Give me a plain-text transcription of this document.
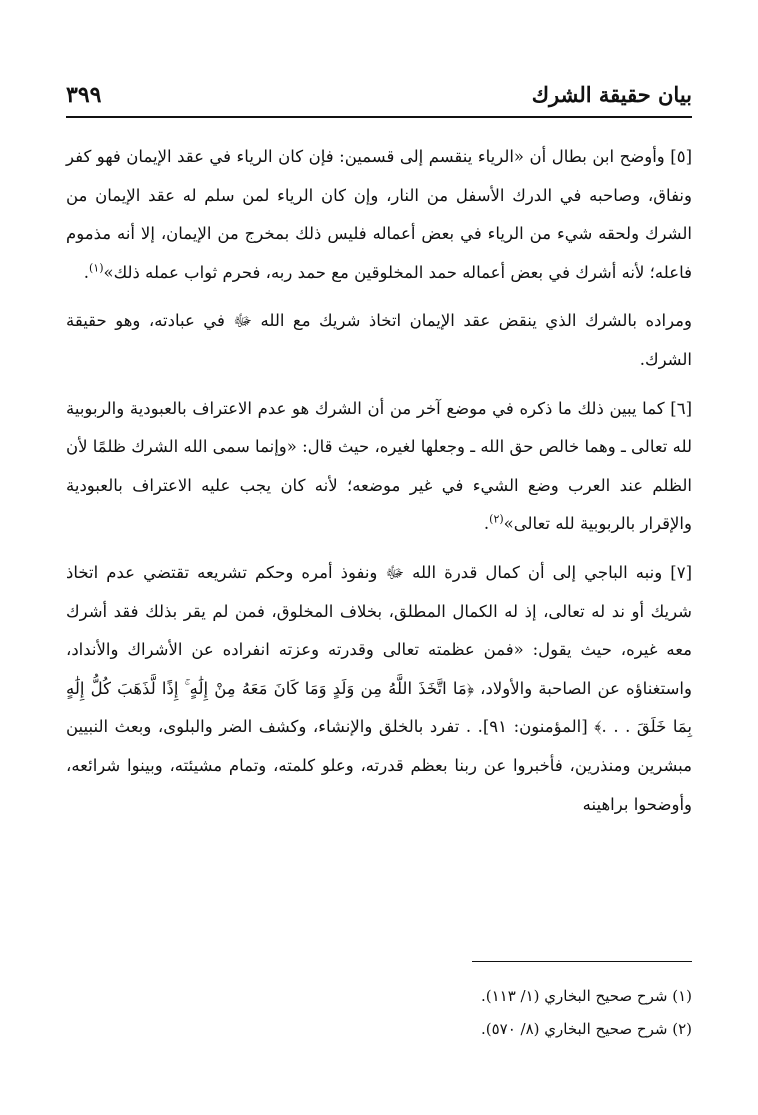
بيان حقيقة الشرك
٣٩٩

[٥] وأوضح ابن بطال أن «الرياء ينقسم إلى قسمين: فإن كان الرياء في عقد الإيمان فهو كفر ونفاق، وصاحبه في الدرك الأسفل من النار، وإن كان الرياء لمن سلم له عقد الإيمان من الشرك ولحقه شيء من الرياء في بعض أعماله فليس ذلك بمخرج من الإيمان، إلا أنه مذموم فاعله؛ لأنه أشرك في بعض أعماله حمد المخلوقين مع حمد ربه، فحرم ثواب عمله ذلك»$^{(١)}$.

ومراده بالشرك الذي ينقض عقد الإيمان اتخاذ شريك مع الله ﷻ في عبادته، وهو حقيقة الشرك.

[٦] كما يبين ذلك ما ذكره في موضع آخر من أن الشرك هو عدم الاعتراف بالعبودية والربوبية لله تعالى ـ وهما خالص حق الله ـ وجعلها لغيره، حيث قال: «وإنما سمى الله الشرك ظلمًا لأن الظلم عند العرب وضع الشيء في غير موضعه؛ لأنه كان يجب عليه الاعتراف بالعبودية والإقرار بالربوبية لله تعالى»$^{(٢)}$.

[٧] ونبه الباجي إلى أن كمال قدرة الله ﷻ ونفوذ أمره وحكم تشريعه تقتضي عدم اتخاذ شريك أو ند له تعالى، إذ له الكمال المطلق، بخلاف المخلوق، فمن لم يقر بذلك فقد أشرك معه غيره، حيث يقول: «فمن عظمته تعالى وقدرته وعزته انفراده عن الأشراك والأنداد، واستغناؤه عن الصاحبة والأولاد، ﴿مَا اتَّخَذَ اللَّهُ مِن وَلَدٍ وَمَا كَانَ مَعَهُ مِنْ إِلَٰهٍ ۚ إِذًا لَّذَهَبَ كُلُّ إِلَٰهٍ بِمَا خَلَقَ . . .﴾ [المؤمنون: ٩١]. . تفرد بالخلق والإنشاء، وكشف الضر والبلوى، وبعث النبيين مبشرين ومنذرين، فأخبروا عن ربنا بعظم قدرته، وعلو كلمته، وتمام مشيئته، وبينوا شرائعه، وأوضحوا براهينه

(١) شرح صحيح البخاري (١/ ١١٣).
(٢) شرح صحيح البخاري (٨/ ٥٧٠).
